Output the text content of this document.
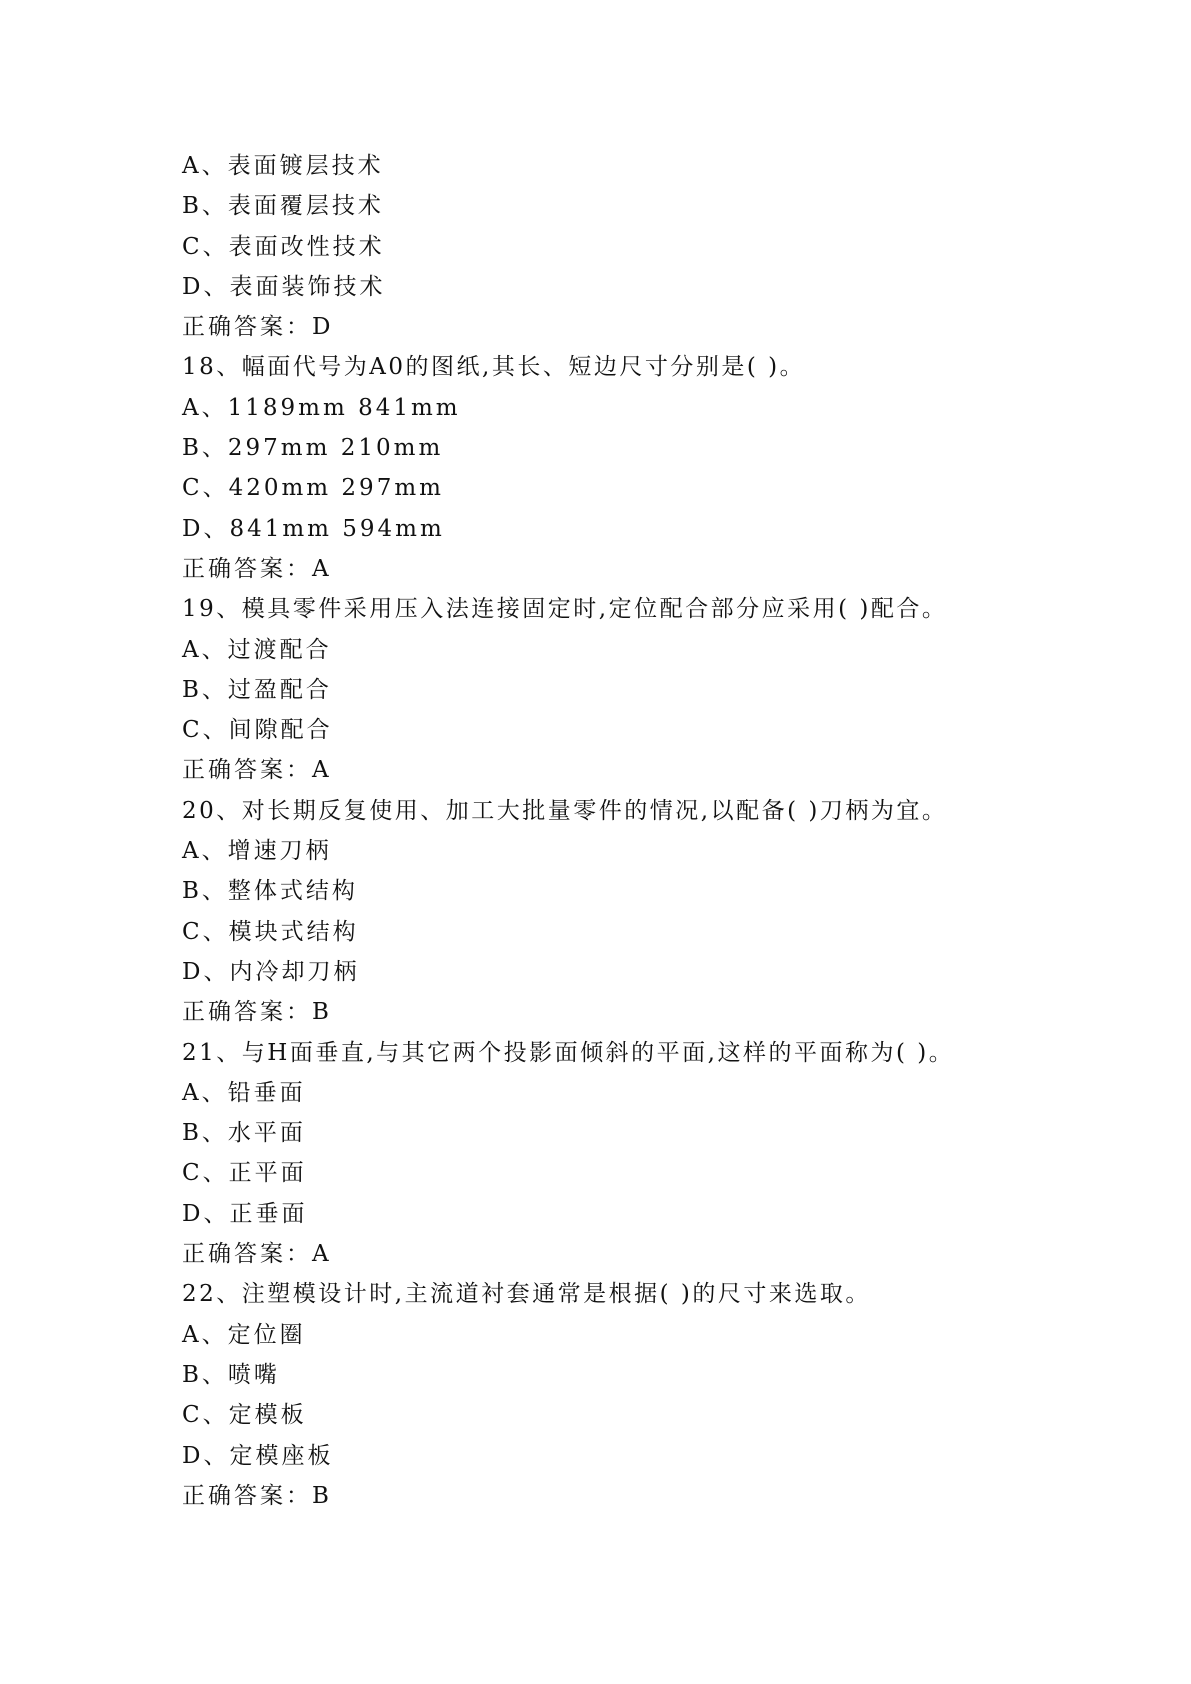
A、表面镀层技术
B、表面覆层技术
C、表面改性技术
D、表面装饰技术
正确答案：D
18、幅面代号为A0的图纸,其长、短边尺寸分别是( )。
A、1189mm 841mm
B、297mm 210mm
C、420mm 297mm
D、841mm 594mm
正确答案：A
19、模具零件采用压入法连接固定时,定位配合部分应采用( )配合。
A、过渡配合
B、过盈配合
C、间隙配合
正确答案：A
20、对长期反复使用、加工大批量零件的情况,以配备( )刀柄为宜。
A、增速刀柄
B、整体式结构
C、模块式结构
D、内冷却刀柄
正确答案：B
21、与H面垂直,与其它两个投影面倾斜的平面,这样的平面称为( )。
A、铅垂面
B、水平面
C、正平面
D、正垂面
正确答案：A
22、注塑模设计时,主流道衬套通常是根据( )的尺寸来选取。
A、定位圈
B、喷嘴
C、定模板
D、定模座板
正确答案：B
